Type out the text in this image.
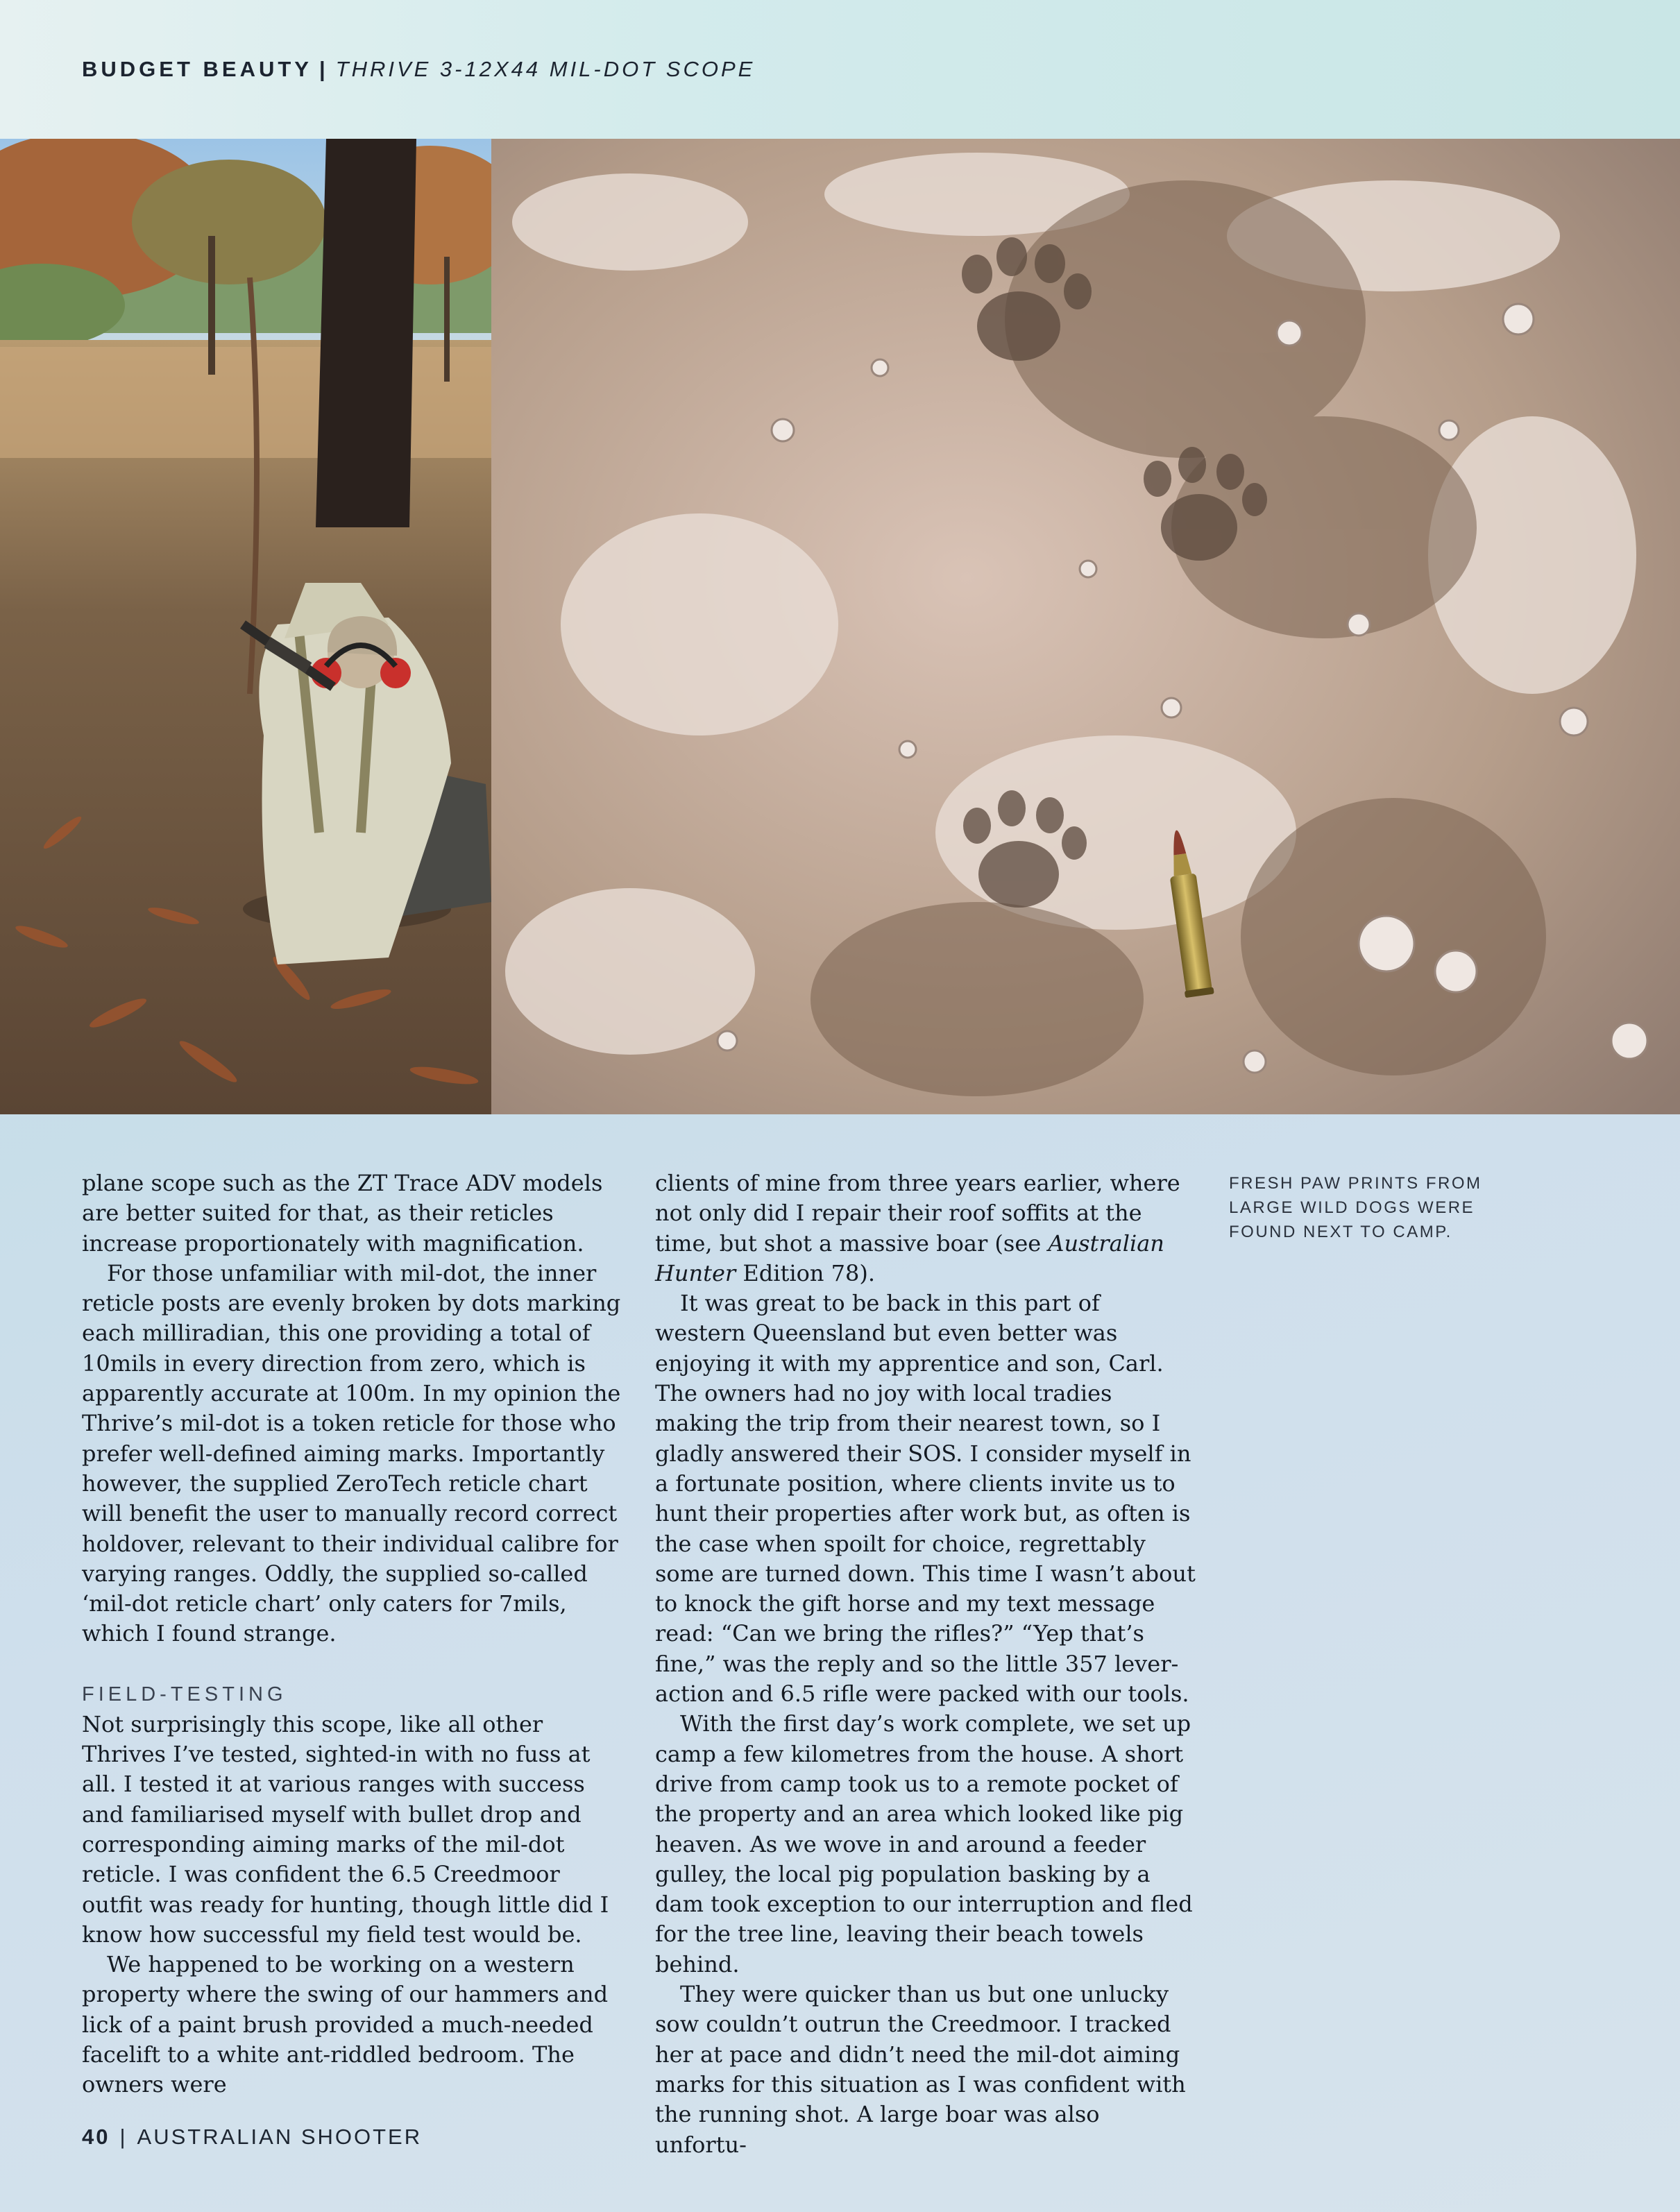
BUDGET BEAUTY | THRIVE 3-12X44 MIL-DOT SCOPE

plane scope such as the ZT Trace ADV models are better suited for that, as their reticles increase proportionately with magnification.

For those unfamiliar with mil-dot, the inner reticle posts are evenly broken by dots marking each milliradian, this one providing a total of 10mils in every direction from zero, which is apparently accurate at 100m. In my opinion the Thrive’s mil-dot is a token reticle for those who prefer well-defined aiming marks. Importantly however, the supplied ZeroTech reticle chart will benefit the user to manually record correct holdover, relevant to their individual calibre for varying ranges. Oddly, the supplied so-called ‘mil-dot reticle chart’ only caters for 7mils, which I found strange.

FIELD-TESTING

Not surprisingly this scope, like all other Thrives I’ve tested, sighted-in with no fuss at all. I tested it at various ranges with success and familiarised myself with bullet drop and corresponding aiming marks of the mil-dot reticle. I was confident the 6.5 Creedmoor outfit was ready for hunting, though little did I know how successful my field test would be.

We happened to be working on a western property where the swing of our hammers and lick of a paint brush provided a much-needed facelift to a white ant-riddled bedroom. The owners were

clients of mine from three years earlier, where not only did I repair their roof soffits at the time, but shot a massive boar (see Australian Hunter Edition 78).

It was great to be back in this part of western Queensland but even better was enjoying it with my apprentice and son, Carl. The owners had no joy with local tradies making the trip from their nearest town, so I gladly answered their SOS. I consider myself in a fortunate position, where clients invite us to hunt their properties after work but, as often is the case when spoilt for choice, regrettably some are turned down. This time I wasn’t about to knock the gift horse and my text message read: “Can we bring the rifles?” “Yep that’s fine,” was the reply and so the little 357 lever-action and 6.5 rifle were packed with our tools.

With the first day’s work complete, we set up camp a few kilometres from the house. A short drive from camp took us to a remote pocket of the property and an area which looked like pig heaven. As we wove in and around a feeder gulley, the local pig population basking by a dam took exception to our interruption and fled for the tree line, leaving their beach towels behind.

They were quicker than us but one unlucky sow couldn’t outrun the Creedmoor. I tracked her at pace and didn’t need the mil-dot aiming marks for this situation as I was confident with the running shot. A large boar was also unfortu-

FRESH PAW PRINTS FROM LARGE WILD DOGS WERE FOUND NEXT TO CAMP.
40 | AUSTRALIAN SHOOTER
